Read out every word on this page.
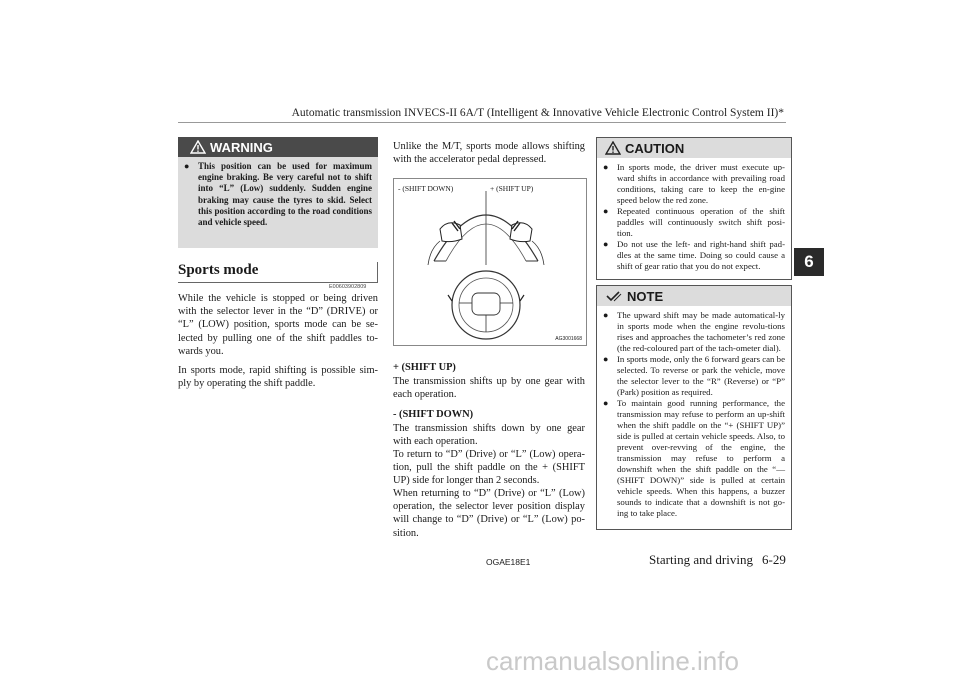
Automatic transmission INVECS-II 6A/T (Intelligent & Innovative Vehicle Electronic Control System II)*
6
WARNING
● This position can be used for maximum engine braking. Be very careful not to shift into “L” (Low) suddenly. Sudden engine braking may cause the tyres to skid. Select this position according to the road conditions and vehicle speed.
Sports mode
E00603902809
While the vehicle is stopped or being driven with the selector lever in the “D” (DRIVE) or “L” (LOW) position, sports mode can be se-lected by pulling one of the shift paddles to-wards you.
In sports mode, rapid shifting is possible sim-ply by operating the shift paddle.
Unlike the M/T, sports mode allows shifting with the accelerator pedal depressed.
- (SHIFT DOWN)	+ (SHIFT UP)
AG3001668
+ (SHIFT UP)
The transmission shifts up by one gear with each operation.
- (SHIFT DOWN)
The transmission shifts down by one gear with each operation.
To return to “D” (Drive) or “L” (Low) opera-tion, pull the shift paddle on the + (SHIFT UP) side for longer than 2 seconds.
When returning to “D” (Drive) or “L” (Low) operation, the selector lever position display will change to “D” (Drive) or “L” (Low) po-sition.
CAUTION
● In sports mode, the driver must execute up-ward shifts in accordance with prevailing road conditions, taking care to keep the en-gine speed below the red zone.
● Repeated continuous operation of the shift paddles will continuously switch shift posi-tion.
● Do not use the left- and right-hand shift pad-dles at the same time. Doing so could cause a shift of gear ratio that you do not expect.
NOTE
● The upward shift may be made automatical-ly in sports mode when the engine revolu-tions rises and approaches the tachometer’s red zone (the red-coloured part of the tach-ometer dial).
● In sports mode, only the 6 forward gears can be selected. To reverse or park the vehicle, move the selector lever to the “R” (Reverse) or “P” (Park) position as required.
● To maintain good running performance, the transmission may refuse to perform an up-shift when the shift paddle on the “+ (SHIFT UP)” side is pulled at certain vehicle speeds. Also, to prevent over-revving of the engine, the transmission may refuse to perform a downshift when the shift paddle on the “— (SHIFT DOWN)” side is pulled at certain vehicle speeds. When this happens, a buzzer sounds to indicate that a downshift is not go-ing to take place.
OGAE18E1	Starting and driving 6-29
carmanualsonline.info
